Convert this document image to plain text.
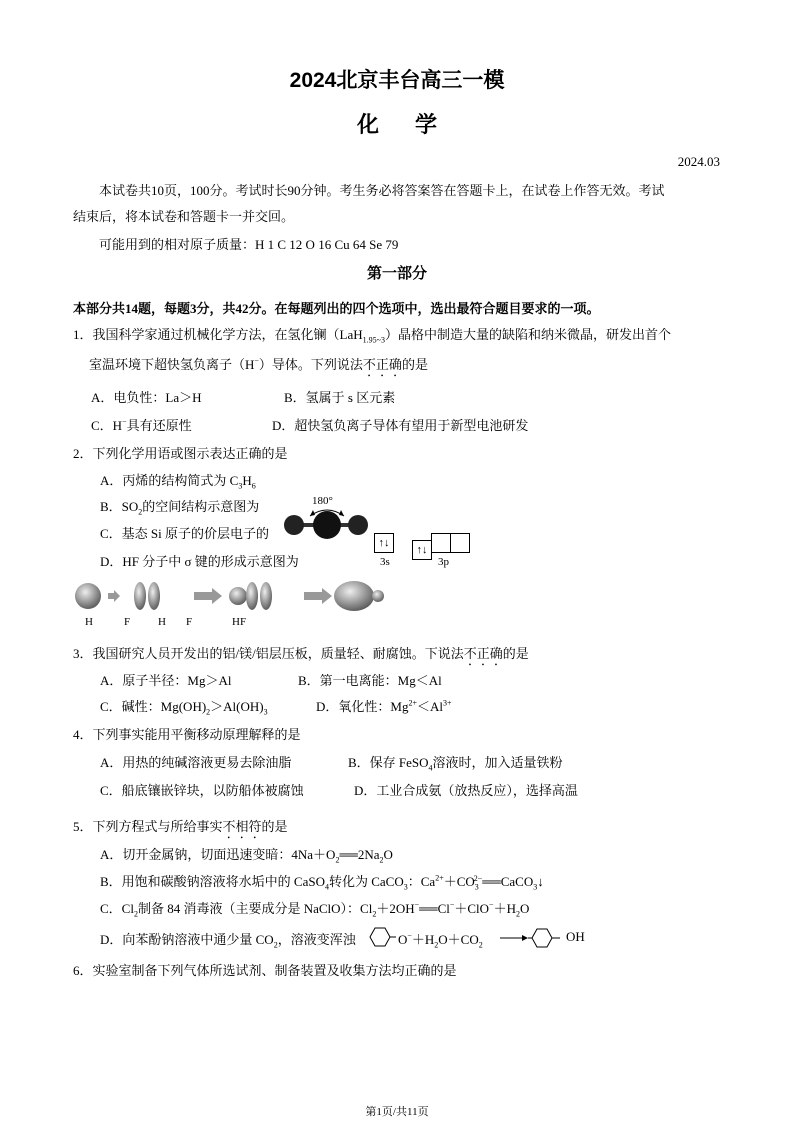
2024北京丰台高三一模
化学
2024.03
本试卷共10页，100分。考试时长90分钟。考生务必将答案答在答题卡上，在试卷上作答无效。考试
结束后，将本试卷和答题卡一并交回。
可能用到的相对原子质量：H 1 C 12 O 16 Cu 64 Se 79
第一部分
本部分共14题，每题3分，共42分。在每题列出的四个选项中，选出最符合题目要求的一项。
1．我国科学家通过机械化学方法，在氢化镧（LaH$_{1.95\sim 3}$）晶格中制造大量的缺陷和纳米微晶，研发出首个
室温环境下超快氢负离子（H−）导体。下列说法不正确的是
A．电负性：La＞H	B．氢属于 s 区元素
C．H−具有还原性	D．超快氢负离子导体有望用于新型电池研发
2．下列化学用语或图示表达正确的是
A．丙烯的结构简式为 $C_3H_6$
B．$SO_2$的空间结构示意图为
C．基态 Si 原子的价层电子的
D．HF 分子中 σ 键的形成示意图为
180°
↑↓
↑↓
3s	3p
H	F	H F	HF
3．我国研究人员开发出的铝/镁/铝层压板，质量轻、耐腐蚀。下说法不正确的是
A．原子半径：Mg＞Al	B．第一电离能：Mg＜Al
C．碱性：$Mg(OH)_2>Al(OH)_3$	D．氧化性：$Mg^{2+}<Al^{3+}$
4．下列事实能用平衡移动原理解释的是
A．用热的纯碱溶液更易去除油脂	B．保存 FeSO$_4$溶液时，加入适量铁粉
C．船底镶嵌锌块，以防船体被腐蚀	D．工业合成氨（放热反应），选择高温
5．下列方程式与所给事实不相符的是
A．切开金属钠，切面迅速变暗：$4Na+O_2══2Na_2O$
B．用饱和碳酸钠溶液将水垢中的 CaSO$_4$转化为 CaCO$_3$：$Ca^{2+}+CO_3^{2-}══CaCO_3↓$
C．$Cl_2$制备 84 消毒液（主要成分是 NaClO）：$Cl_2+2OH^-══Cl^-+ClO^-+H_2O$
D．向苯酚钠溶液中通少量 $CO_2$，溶液变浑浊	$O^-+H_2O+CO_2$
OH
6．实验室制备下列气体所选试剂、制备装置及收集方法均正确的是
第1页/共11页
